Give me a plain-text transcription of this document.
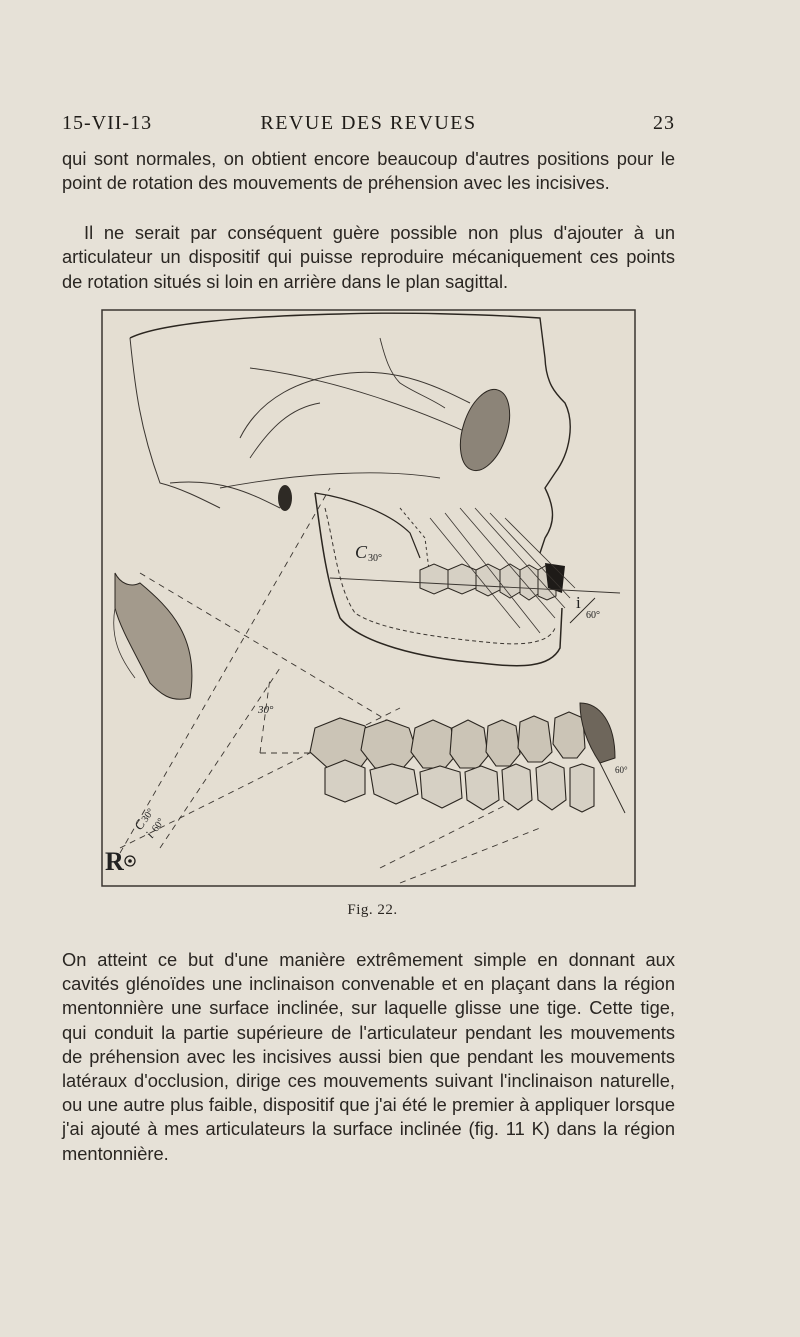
15-VII-13	REVUE DES REVUES	23

qui sont normales, on obtient encore beaucoup d'autres positions pour le point de rotation des mouvements de préhension avec les incisives.

Il ne serait par conséquent guère possible non plus d'ajouter à un articulateur un dispositif qui puisse reproduire mécaniquement ces points de rotation situés si loin en arrière dans le plan sagittal.

C 30°
i
60°
30°
60°
R
C
30°
i
60°
Fig. 22.

On atteint ce but d'une manière extrêmement simple en donnant aux cavités glénoïdes une inclinaison convenable et en plaçant dans la région mentonnière une surface inclinée, sur laquelle glisse une tige. Cette tige, qui conduit la partie supérieure de l'articulateur pendant les mouvements de préhension avec les incisives aussi bien que pendant les mouvements latéraux d'occlusion, dirige ces mouvements suivant l'inclinaison naturelle, ou une autre plus faible, dispositif que j'ai été le premier à appliquer lorsque j'ai ajouté à mes articulateurs la surface inclinée (fig. 11 K) dans la région mentonnière.
